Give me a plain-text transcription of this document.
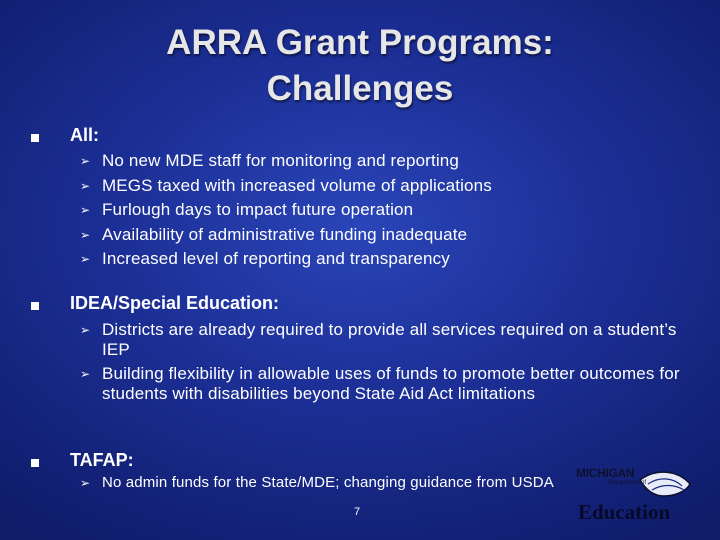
ARRA Grant Programs:
Challenges
All:
➢ No new MDE staff for monitoring and reporting
➢ MEGS taxed with increased volume of applications
➢ Furlough days to impact future operation
➢ Availability of administrative funding inadequate
➢ Increased level of reporting and transparency
IDEA/Special Education:
➢ Districts are already required to provide all services required on a student’s IEP
➢ Building flexibility in allowable uses of funds to promote better outcomes for students with disabilities beyond State Aid Act limitations
TAFAP:
➢ No admin funds for the State/MDE; changing guidance from USDA
7
MICHIGAN
Department of
Education
